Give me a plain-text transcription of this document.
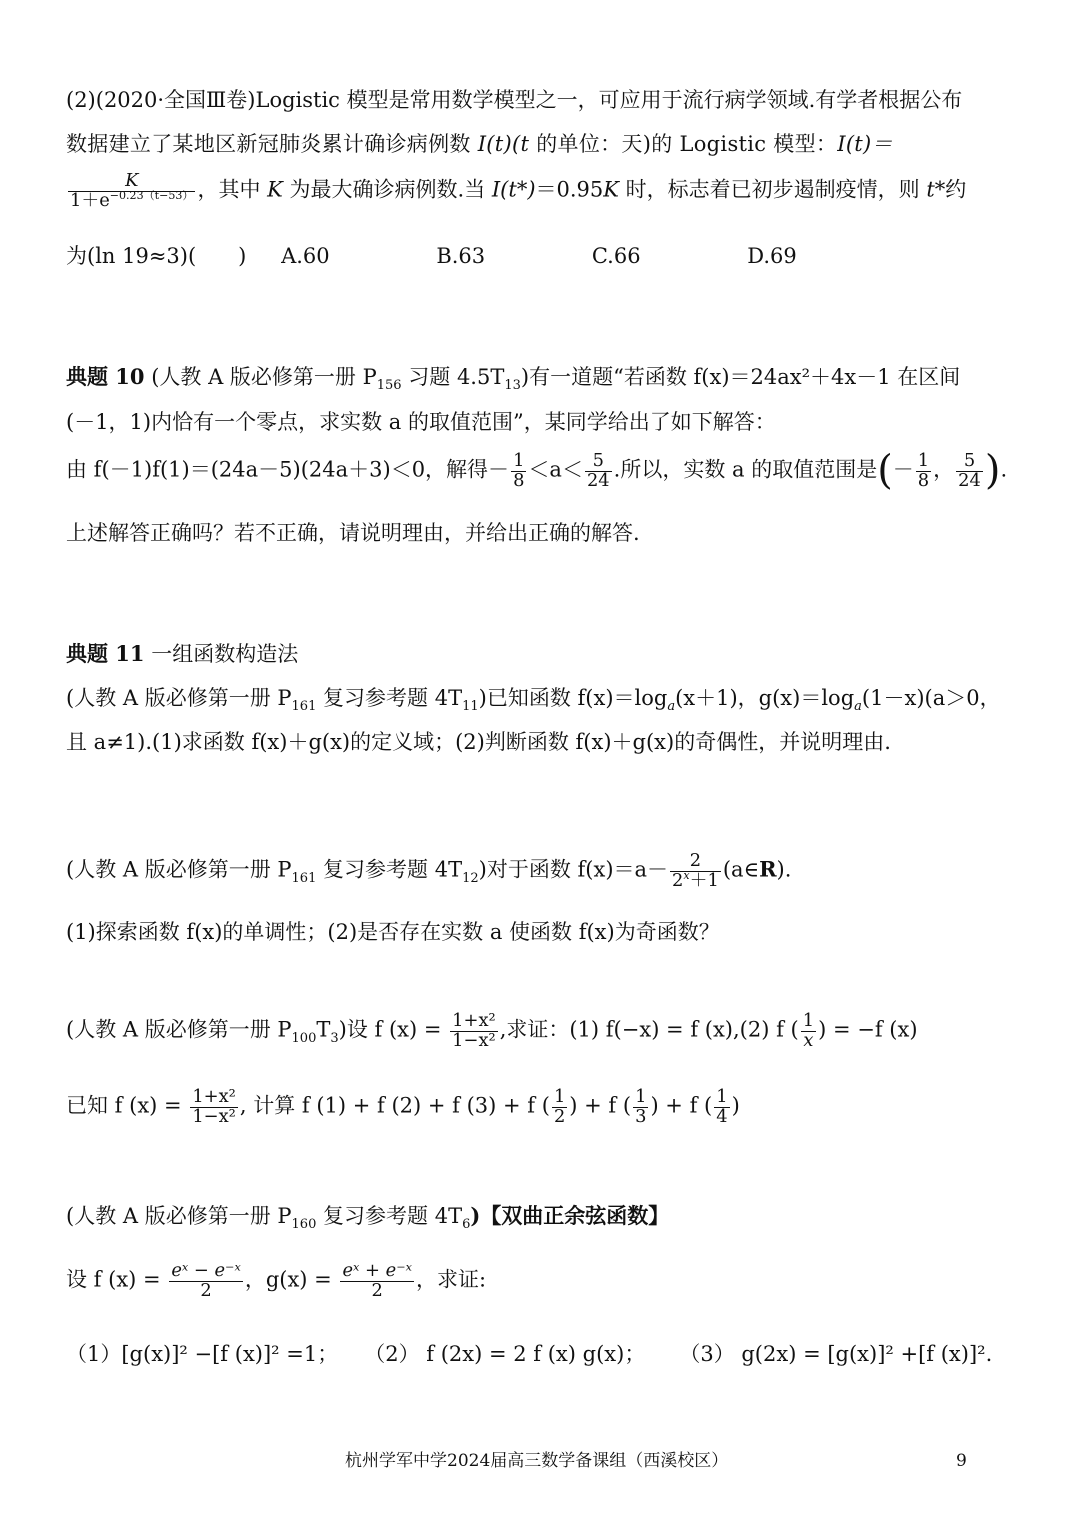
(2)(2020·全国Ⅲ卷)Logistic 模型是常用数学模型之一，可应用于流行病学领域.有学者根据公布
数据建立了某地区新冠肺炎累计确诊病例数 I(t)(t 的单位：天)的 Logistic 模型：I(t)＝
$\frac{K}{1+e^{-0.23(t-53)}}$ ，其中 K 为最大确诊病例数.当 I(t*)＝0.95K 时，标志着已初步遏制疫情，则 t*约
为(ln 19≈3)(　　) A.60	B.63	C.66	D.69
典题 10 (人教 A 版必修第一册 $P_{156}$ 习题 $4.5T_{13}$)有一道题“若函数 f(x)＝24ax²＋4x－1 在区间
(－1，1)内恰有一个零点，求实数 a 的取值范围”，某同学给出了如下解答：
由 f(－1)f(1)＝(24a－5)(24a＋3)＜0，解得－ $\frac{1}{8} <a< \frac{5}{24}$ .所以，实数 a 的取值范围是(－ $\frac{1}{8}$ ， $\frac{5}{24}$ ).
上述解答正确吗？若不正确，请说明理由，并给出正确的解答.
典题 11 一组函数构造法
(人教 A 版必修第一册 $P_{161}$ 复习参考题 $4T_{11}$)已知函数 $f(x)=\log_a(x+1)$，$g(x)=\log_a(1-x)(a>0$，
且 a≠1).(1)求函数 f(x)＋g(x)的定义域；(2)判断函数 f(x)＋g(x)的奇偶性，并说明理由.
(人教 A 版必修第一册 $P_{161}$ 复习参考题 $4T_{12}$)对于函数 $f(x)=a- \frac{2}{2^x+1}$ (a∈R).
(1)探索函数 f(x)的单调性；(2)是否存在实数 a 使函数 f(x)为奇函数？
(人教 A 版必修第一册 $P_{100}T_3$)设 f $(x) = \frac{\text{1+x²}}{\text{1−x²}}$ ,求证：(1) f(−x) = f (x),(2) f ( $\frac{1}{x}$ ) = −f (x)
已知 f $(x) = \frac{\text{1+x²}}{\text{1−x²}}$ , 计算 f (1) + f (2) + f (3) + f ( $\frac{1}{2}$ ) + f ( $\frac{1}{3}$ ) + f ( $\frac{1}{4}$ )
(人教 A 版必修第一册 $P_{160}$ 复习参考题 $4T_6$)【双曲正余弦函数】
设 f $(x) = \frac{\text{eˣ − e⁻ˣ}}{2}$ ，$g(x) = \frac{\text{eˣ + e⁻ˣ}}{2}$ ，求证:
（1）[g(x)]² −[f (x)]² =1； （2） f (2x) = 2 f (x) g(x)； （3） g(2x) = [g(x)]² +[f (x)]².
杭州学军中学2024届高三数学备课组（西溪校区）	9
